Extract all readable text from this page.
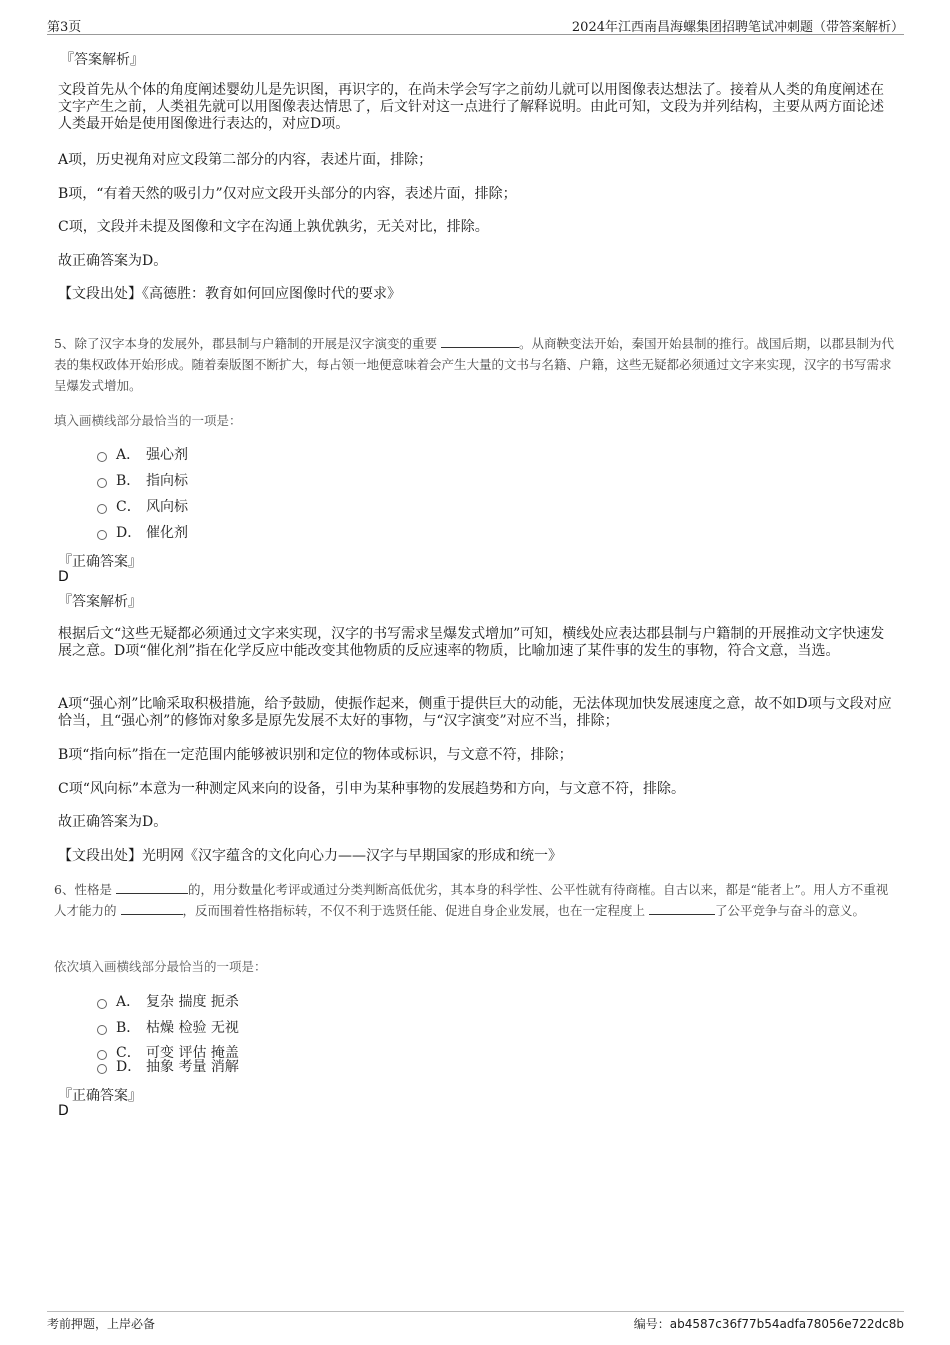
第3页	2024年江西南昌海螺集团招聘笔试冲刺题（带答案解析）
『答案解析』

文段首先从个体的角度阐述婴幼儿是先识图，再识字的，在尚未学会写字之前幼儿就可以用图像表达想法了。接着从人类的角度阐述在文字产生之前，人类祖先就可以用图像表达情思了，后文针对这一点进行了解释说明。由此可知，文段为并列结构，主要从两方面论述人类最开始是使用图像进行表达的，对应D项。

A项，历史视角对应文段第二部分的内容，表述片面，排除；

B项，“有着天然的吸引力”仅对应文段开头部分的内容，表述片面，排除；

C项，文段并未提及图像和文字在沟通上孰优孰劣，无关对比，排除。

故正确答案为D。

【文段出处】《高德胜：教育如何回应图像时代的要求》

5、除了汉字本身的发展外，郡县制与户籍制的开展是汉字演变的重要	。从商鞅变法开始，秦国开始县制的推行。战国后期，以郡县制为代表的集权政体开始形成。随着秦版图不断扩大，每占领一地便意味着会产生大量的文书与名籍、户籍，这些无疑都必须通过文字来实现，汉字的书写需求呈爆发式增加。

填入画横线部分最恰当的一项是：
A． 强心剂
B． 指向标
C． 风向标
D． 催化剂
『正确答案』
D
『答案解析』

根据后文“这些无疑都必须通过文字来实现，汉字的书写需求呈爆发式增加”可知，横线处应表达郡县制与户籍制的开展推动文字快速发展之意。D项“催化剂”指在化学反应中能改变其他物质的反应速率的物质，比喻加速了某件事的发生的事物，符合文意，当选。

A项“强心剂”比喻采取积极措施，给予鼓励，使振作起来，侧重于提供巨大的动能，无法体现加快发展速度之意，故不如D项与文段对应恰当，且“强心剂”的修饰对象多是原先发展不太好的事物，与“汉字演变”对应不当，排除；

B项“指向标”指在一定范围内能够被识别和定位的物体或标识，与文意不符，排除；

C项“风向标”本意为一种测定风来向的设备，引申为某种事物的发展趋势和方向，与文意不符，排除。

故正确答案为D。

【文段出处】光明网《汉字蕴含的文化向心力——汉字与早期国家的形成和统一》

6、性格是	的，用分数量化考评或通过分类判断高低优劣，其本身的科学性、公平性就有待商榷。自古以来，都是“能者上”。用人方不重视人才能力的	，反而围着性格指标转，不仅不利于选贤任能、促进自身企业发展，也在一定程度上	了公平竞争与奋斗的意义。

依次填入画横线部分最恰当的一项是：
A． 复杂 揣度 扼杀
B． 枯燥 检验 无视
C． 可变 评估 掩盖
D． 抽象 考量 消解
『正确答案』
D
考前押题，上岸必备	编号：ab4587c36f77b54adfa78056e722dc8b
